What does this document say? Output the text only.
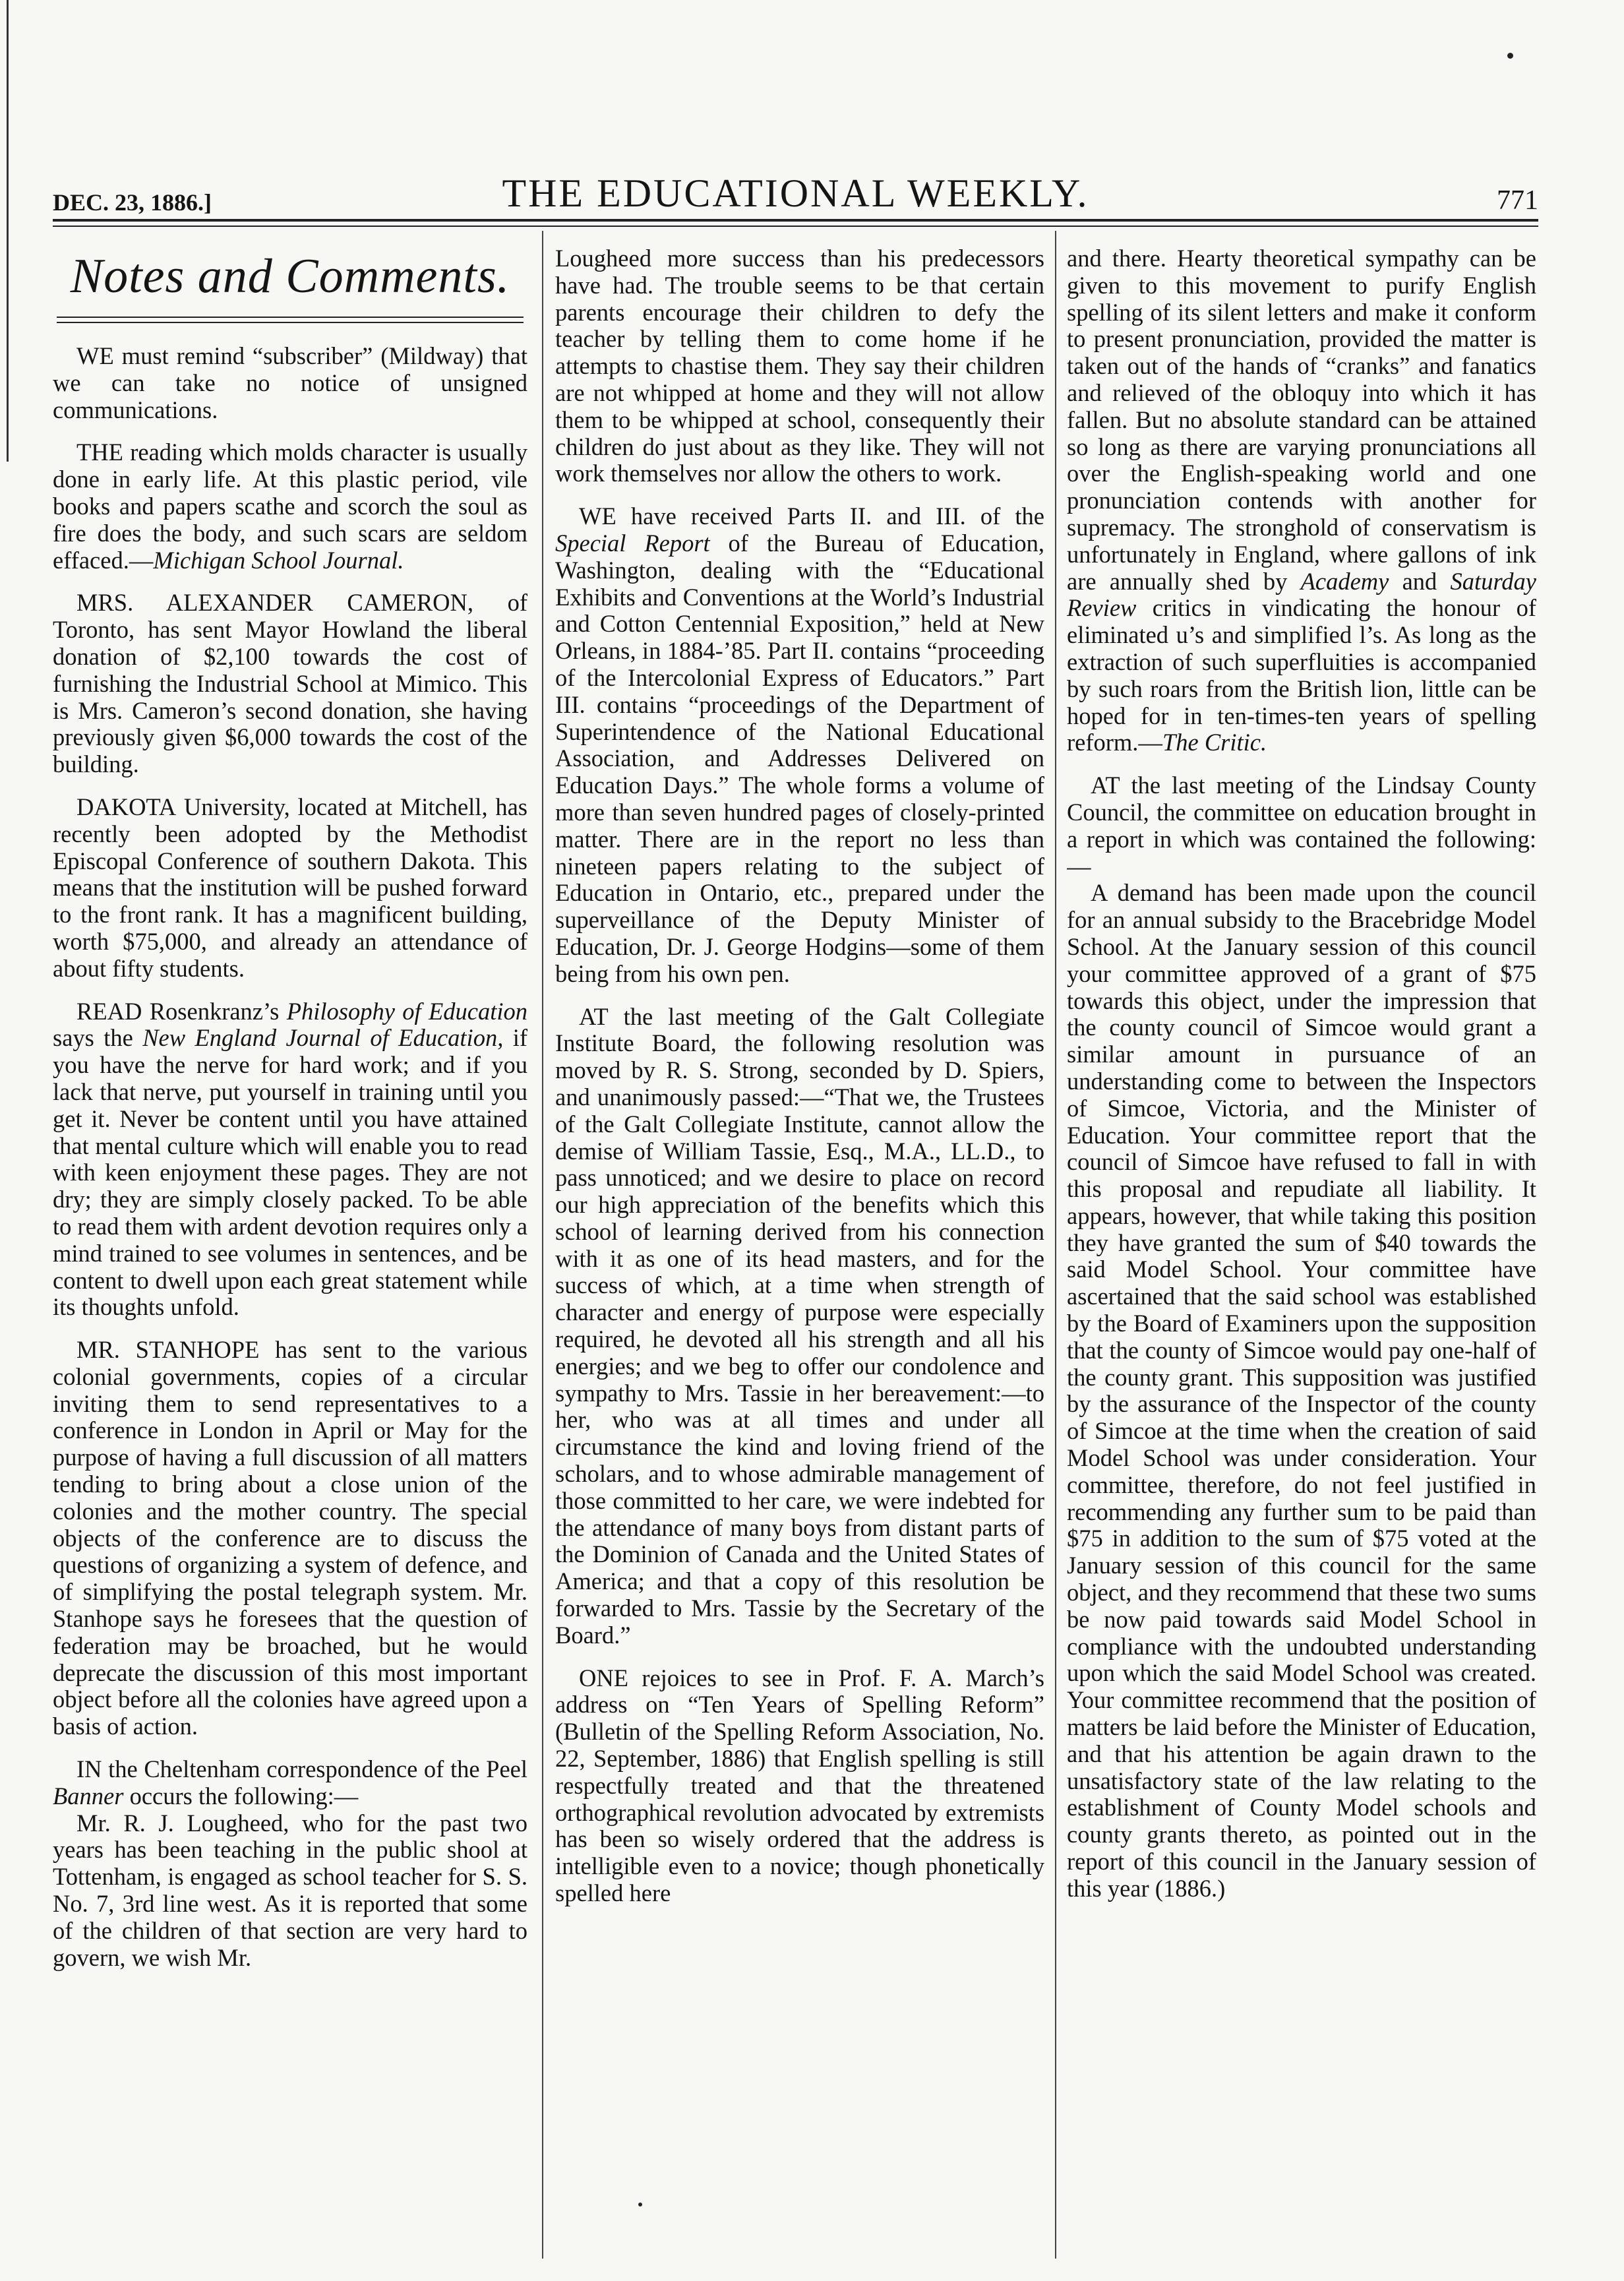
DEC. 23, 1886.]	THE EDUCATIONAL WEEKLY.	771
Notes and Comments.

WE must remind “subscriber” (Mildway) that we can take no notice of unsigned communications.

THE reading which molds character is usually done in early life. At this plastic period, vile books and papers scathe and scorch the soul as fire does the body, and such scars are seldom effaced.—Michigan School Journal.

MRS. ALEXANDER CAMERON, of Toronto, has sent Mayor Howland the liberal donation of $2,100 towards the cost of furnishing the Industrial School at Mimico. This is Mrs. Cameron’s second donation, she having previously given $6,000 towards the cost of the building.

DAKOTA University, located at Mitchell, has recently been adopted by the Methodist Episcopal Conference of southern Dakota. This means that the institution will be pushed forward to the front rank. It has a magnificent building, worth $75,000, and already an attendance of about fifty students.

READ Rosenkranz’s Philosophy of Education says the New England Journal of Education, if you have the nerve for hard work; and if you lack that nerve, put yourself in training until you get it. Never be content until you have attained that mental culture which will enable you to read with keen enjoyment these pages. They are not dry; they are simply closely packed. To be able to read them with ardent devotion requires only a mind trained to see volumes in sentences, and be content to dwell upon each great statement while its thoughts unfold.

MR. STANHOPE has sent to the various colonial governments, copies of a circular inviting them to send representatives to a conference in London in April or May for the purpose of having a full discussion of all matters tending to bring about a close union of the colonies and the mother country. The special objects of the conference are to discuss the questions of organizing a system of defence, and of simplifying the postal telegraph system. Mr. Stanhope says he foresees that the question of federation may be broached, but he would deprecate the discussion of this most important object before all the colonies have agreed upon a basis of action.

IN the Cheltenham correspondence of the Peel Banner occurs the following:—

Mr. R. J. Lougheed, who for the past two years has been teaching in the public shool at Tottenham, is engaged as school teacher for S. S. No. 7, 3rd line west. As it is reported that some of the children of that section are very hard to govern, we wish Mr.

Lougheed more success than his predecessors have had. The trouble seems to be that certain parents encourage their children to defy the teacher by telling them to come home if he attempts to chastise them. They say their children are not whipped at home and they will not allow them to be whipped at school, consequently their children do just about as they like. They will not work themselves nor allow the others to work.

WE have received Parts II. and III. of the Special Report of the Bureau of Education, Washington, dealing with the “Educational Exhibits and Conventions at the World’s Industrial and Cotton Centennial Exposition,” held at New Orleans, in 1884-’85. Part II. contains “proceeding of the Intercolonial Express of Educators.” Part III. contains “proceedings of the Department of Superintendence of the National Educational Association, and Addresses Delivered on Education Days.” The whole forms a volume of more than seven hundred pages of closely-printed matter. There are in the report no less than nineteen papers relating to the subject of Education in Ontario, etc., prepared under the superveillance of the Deputy Minister of Education, Dr. J. George Hodgins—some of them being from his own pen.

AT the last meeting of the Galt Collegiate Institute Board, the following resolution was moved by R. S. Strong, seconded by D. Spiers, and unanimously passed:—“That we, the Trustees of the Galt Collegiate Institute, cannot allow the demise of William Tassie, Esq., M.A., LL.D., to pass unnoticed; and we desire to place on record our high appreciation of the benefits which this school of learning derived from his connection with it as one of its head masters, and for the success of which, at a time when strength of character and energy of purpose were especially required, he devoted all his strength and all his energies; and we beg to offer our condolence and sympathy to Mrs. Tassie in her bereavement:—to her, who was at all times and under all circumstance the kind and loving friend of the scholars, and to whose admirable management of those committed to her care, we were indebted for the attendance of many boys from distant parts of the Dominion of Canada and the United States of America; and that a copy of this resolution be forwarded to Mrs. Tassie by the Secretary of the Board.”

ONE rejoices to see in Prof. F. A. March’s address on “Ten Years of Spelling Reform” (Bulletin of the Spelling Reform Association, No. 22, September, 1886) that English spelling is still respectfully treated and that the threatened orthographical revolution advocated by extremists has been so wisely ordered that the address is intelligible even to a novice; though phonetically spelled here

and there. Hearty theoretical sympathy can be given to this movement to purify English spelling of its silent letters and make it conform to present pronunciation, provided the matter is taken out of the hands of “cranks” and fanatics and relieved of the obloquy into which it has fallen. But no absolute standard can be attained so long as there are varying pronunciations all over the English-speaking world and one pronunciation contends with another for supremacy. The stronghold of conservatism is unfortunately in England, where gallons of ink are annually shed by Academy and Saturday Review critics in vindicating the honour of eliminated u’s and simplified l’s. As long as the extraction of such superfluities is accompanied by such roars from the British lion, little can be hoped for in ten-times-ten years of spelling reform.—The Critic.

AT the last meeting of the Lindsay County Council, the committee on education brought in a report in which was contained the following:—

A demand has been made upon the council for an annual subsidy to the Bracebridge Model School. At the January session of this council your committee approved of a grant of $75 towards this object, under the impression that the county council of Simcoe would grant a similar amount in pursuance of an understanding come to between the Inspectors of Simcoe, Victoria, and the Minister of Education. Your committee report that the council of Simcoe have refused to fall in with this proposal and repudiate all liability. It appears, however, that while taking this position they have granted the sum of $40 towards the said Model School. Your committee have ascertained that the said school was established by the Board of Examiners upon the supposition that the county of Simcoe would pay one-half of the county grant. This supposition was justified by the assurance of the Inspector of the county of Simcoe at the time when the creation of said Model School was under consideration. Your committee, therefore, do not feel justified in recommending any further sum to be paid than $75 in addition to the sum of $75 voted at the January session of this council for the same object, and they recommend that these two sums be now paid towards said Model School in compliance with the undoubted understanding upon which the said Model School was created. Your committee recommend that the position of matters be laid before the Minister of Education, and that his attention be again drawn to the unsatisfactory state of the law relating to the establishment of County Model schools and county grants thereto, as pointed out in the report of this council in the January session of this year (1886.)
